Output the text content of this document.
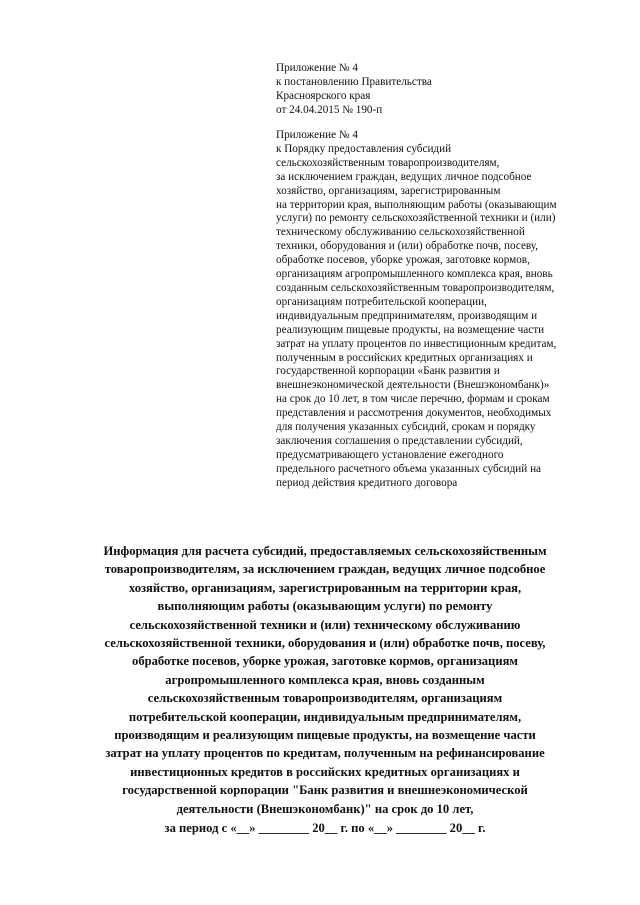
Приложение № 4
к постановлению Правительства
Красноярского края
от 24.04.2015 № 190-п
Приложение № 4
к Порядку предоставления субсидий
сельскохозяйственным товаропроизводителям,
за исключением граждан, ведущих личное подсобное
хозяйство, организациям, зарегистрированным
на территории края, выполняющим работы (оказывающим
услуги) по ремонту сельскохозяйственной техники и (или)
техническому обслуживанию сельскохозяйственной
техники, оборудования и (или) обработке почв, посеву,
обработке посевов, уборке урожая, заготовке кормов,
организациям агропромышленного комплекса края, вновь
созданным сельскохозяйственным товаропроизводителям,
организациям потребительской кооперации,
индивидуальным предпринимателям, производящим и
реализующим пищевые продукты, на возмещение части
затрат на уплату процентов по инвестиционным кредитам,
полученным в российских кредитных организациях и
государственной корпорации «Банк развития и
внешнеэкономической деятельности (Внешэкономбанк)»
на срок до 10 лет, в том числе перечню, формам и срокам
представления и рассмотрения документов, необходимых
для получения указанных субсидий, срокам и порядку
заключения соглашения о представлении субсидий,
предусматривающего установление ежегодного
предельного расчетного объема указанных субсидий на
период действия кредитного договора
Информация для расчета субсидий, предоставляемых сельскохозяйственным
товаропроизводителям, за исключением граждан, ведущих личное подсобное
хозяйство, организациям, зарегистрированным на территории края,
выполняющим работы (оказывающим услуги) по ремонту
сельскохозяйственной техники и (или) техническому обслуживанию
сельскохозяйственной техники, оборудования и (или) обработке почв, посеву,
обработке посевов, уборке урожая, заготовке кормов, организациям
агропромышленного комплекса края, вновь созданным
сельскохозяйственным товаропроизводителям, организациям
потребительской кооперации, индивидуальным предпринимателям,
производящим и реализующим пищевые продукты, на возмещение части
затрат на уплату процентов по кредитам, полученным на рефинансирование
инвестиционных кредитов в российских кредитных организациях и
государственной корпорации "Банк развития и внешнеэкономической
деятельности (Внешэкономбанк)" на срок до 10 лет,
за период с «__» ________ 20__ г. по «__» ________ 20__ г.
